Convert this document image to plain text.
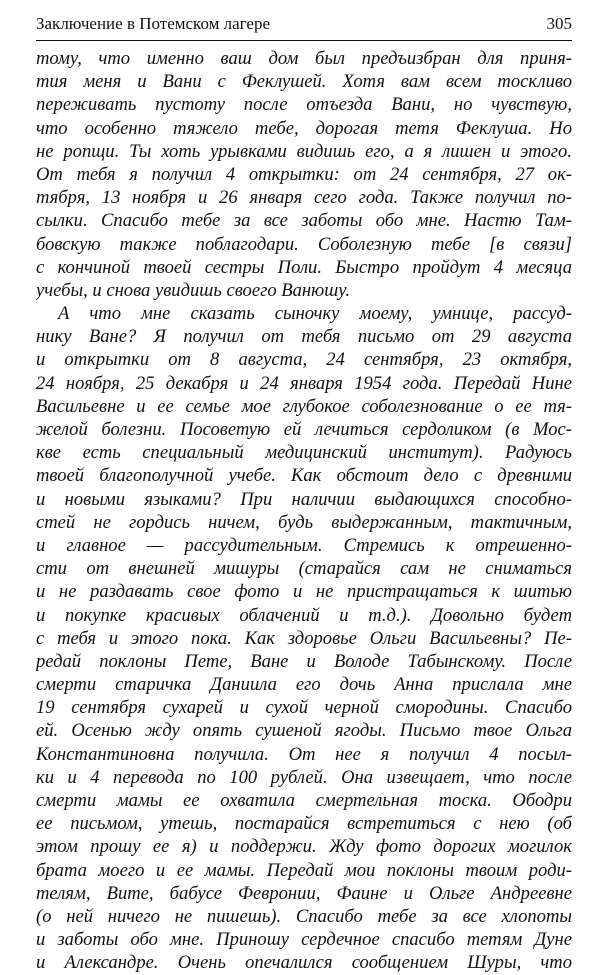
Заключение в Потемском лагере	305
тому, что именно ваш дом был предъизбран для приня-
тия меня и Вани с Феклушей. Хотя вам всем тоскливо
переживать пустоту после отъезда Вани, но чувствую,
что особенно тяжело тебе, дорогая тетя Феклуша. Но
не ропщи. Ты хоть урывками видишь его, а я лишен и этого.
От тебя я получил 4 открытки: от 24 сентября, 27 ок-
тября, 13 ноября и 26 января сего года. Также получил по-
сылки. Спасибо тебе за все заботы обо мне. Настю Там-
бовскую также поблагодари. Соболезную тебе [в связи]
с кончиной твоей сестры Поли. Быстро пройдут 4 месяца
учебы, и снова увидишь своего Ванюшу.
А что мне сказать сыночку моему, умнице, рассуд-
нику Ване? Я получил от тебя письмо от 29 августа
и открытки от 8 августа, 24 сентября, 23 октября,
24 ноября, 25 декабря и 24 января 1954 года. Передай Нине
Васильевне и ее семье мое глубокое соболезнование о ее тя-
желой болезни. Посоветую ей лечиться сердоликом (в Мос-
кве есть специальный медицинский институт). Радуюсь
твоей благополучной учебе. Как обстоит дело с древними
и новыми языками? При наличии выдающихся способно-
стей не гордись ничем, будь выдержанным, тактичным,
и главное — рассудительным. Стремись к отрешенно-
сти от внешней мишуры (старайся сам не сниматься
и не раздавать свое фото и не пристращаться к шитью
и покупке красивых облачений и т.д.). Довольно будет
с тебя и этого пока. Как здоровье Ольги Васильевны? Пе-
редай поклоны Пете, Ване и Володе Табынскому. После
смерти старичка Даниила его дочь Анна прислала мне
19 сентября сухарей и сухой черной смородины. Спасибо
ей. Осенью жду опять сушеной ягоды. Письмо твое Ольга
Константиновна получила. От нее я получил 4 посыл-
ки и 4 перевода по 100 рублей. Она извещает, что после
смерти мамы ее охватила смертельная тоска. Ободри
ее письмом, утешь, постарайся встретиться с нею (об
этом прошу ее я) и поддержи. Жду фото дорогих могилок
брата моего и ее мамы. Передай мои поклоны твоим роди-
телям, Вите, бабусе Февронии, Фаине и Ольге Андреевне
(о ней ничего не пишешь). Спасибо тебе за все хлопоты
и заботы обо мне. Приношу сердечное спасибо тетям Дуне
и Александре. Очень опечалился сообщением Шуры, что
